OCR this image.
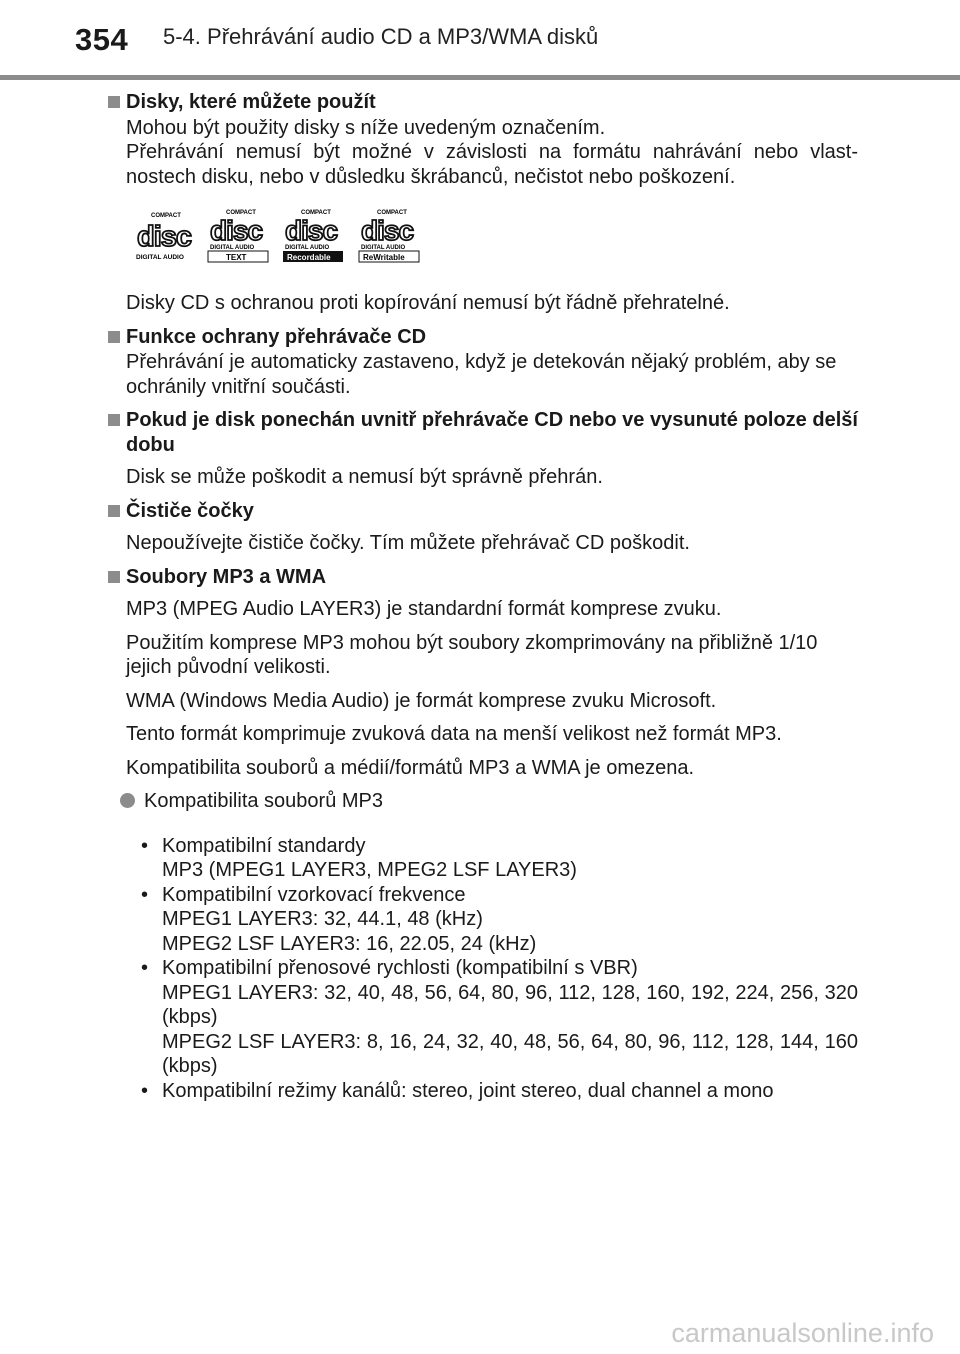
354 5-4. Přehrávání audio CD a MP3/WMA disků
Disky, které můžete použít

Mohou být použity disky s níže uvedeným označením.

Přehrávání nemusí být možné v závislosti na formátu nahrávání nebo vlast-nostech disku, nebo v důsledku škrábanců, nečistot nebo poškození.

COMPACT
disc
DIGITAL AUDIO
COMPACT
disc
DIGITAL AUDIO
TEXT
COMPACT
disc
DIGITAL AUDIO
Recordable
COMPACT
disc
DIGITAL AUDIO
ReWritable

Disky CD s ochranou proti kopírování nemusí být řádně přehratelné.

Funkce ochrany přehrávače CD

Přehrávání je automaticky zastaveno, když je detekován nějaký problém, aby se ochránily vnitřní součásti.

Pokud je disk ponechán uvnitř přehrávače CD nebo ve vysunuté poloze delší dobu

Disk se může poškodit a nemusí být správně přehrán.

Čističe čočky

Nepoužívejte čističe čočky. Tím můžete přehrávač CD poškodit.

Soubory MP3 a WMA

MP3 (MPEG Audio LAYER3) je standardní formát komprese zvuku.

Použitím komprese MP3 mohou být soubory zkomprimovány na přibližně 1/10 jejich původní velikosti.

WMA (Windows Media Audio) je formát komprese zvuku Microsoft.

Tento formát komprimuje zvuková data na menší velikost než formát MP3.

Kompatibilita souborů a médií/formátů MP3 a WMA je omezena.

Kompatibilita souborů MP3
• Kompatibilní standardy
MP3 (MPEG1 LAYER3, MPEG2 LSF LAYER3)
• Kompatibilní vzorkovací frekvence
MPEG1 LAYER3: 32, 44.1, 48 (kHz)
MPEG2 LSF LAYER3: 16, 22.05, 24 (kHz)
• Kompatibilní přenosové rychlosti (kompatibilní s VBR)
MPEG1 LAYER3: 32, 40, 48, 56, 64, 80, 96, 112, 128, 160, 192, 224, 256, 320 (kbps)
MPEG2 LSF LAYER3: 8, 16, 24, 32, 40, 48, 56, 64, 80, 96, 112, 128, 144, 160 (kbps)
• Kompatibilní režimy kanálů: stereo, joint stereo, dual channel a mono
carmanualsonline.info
